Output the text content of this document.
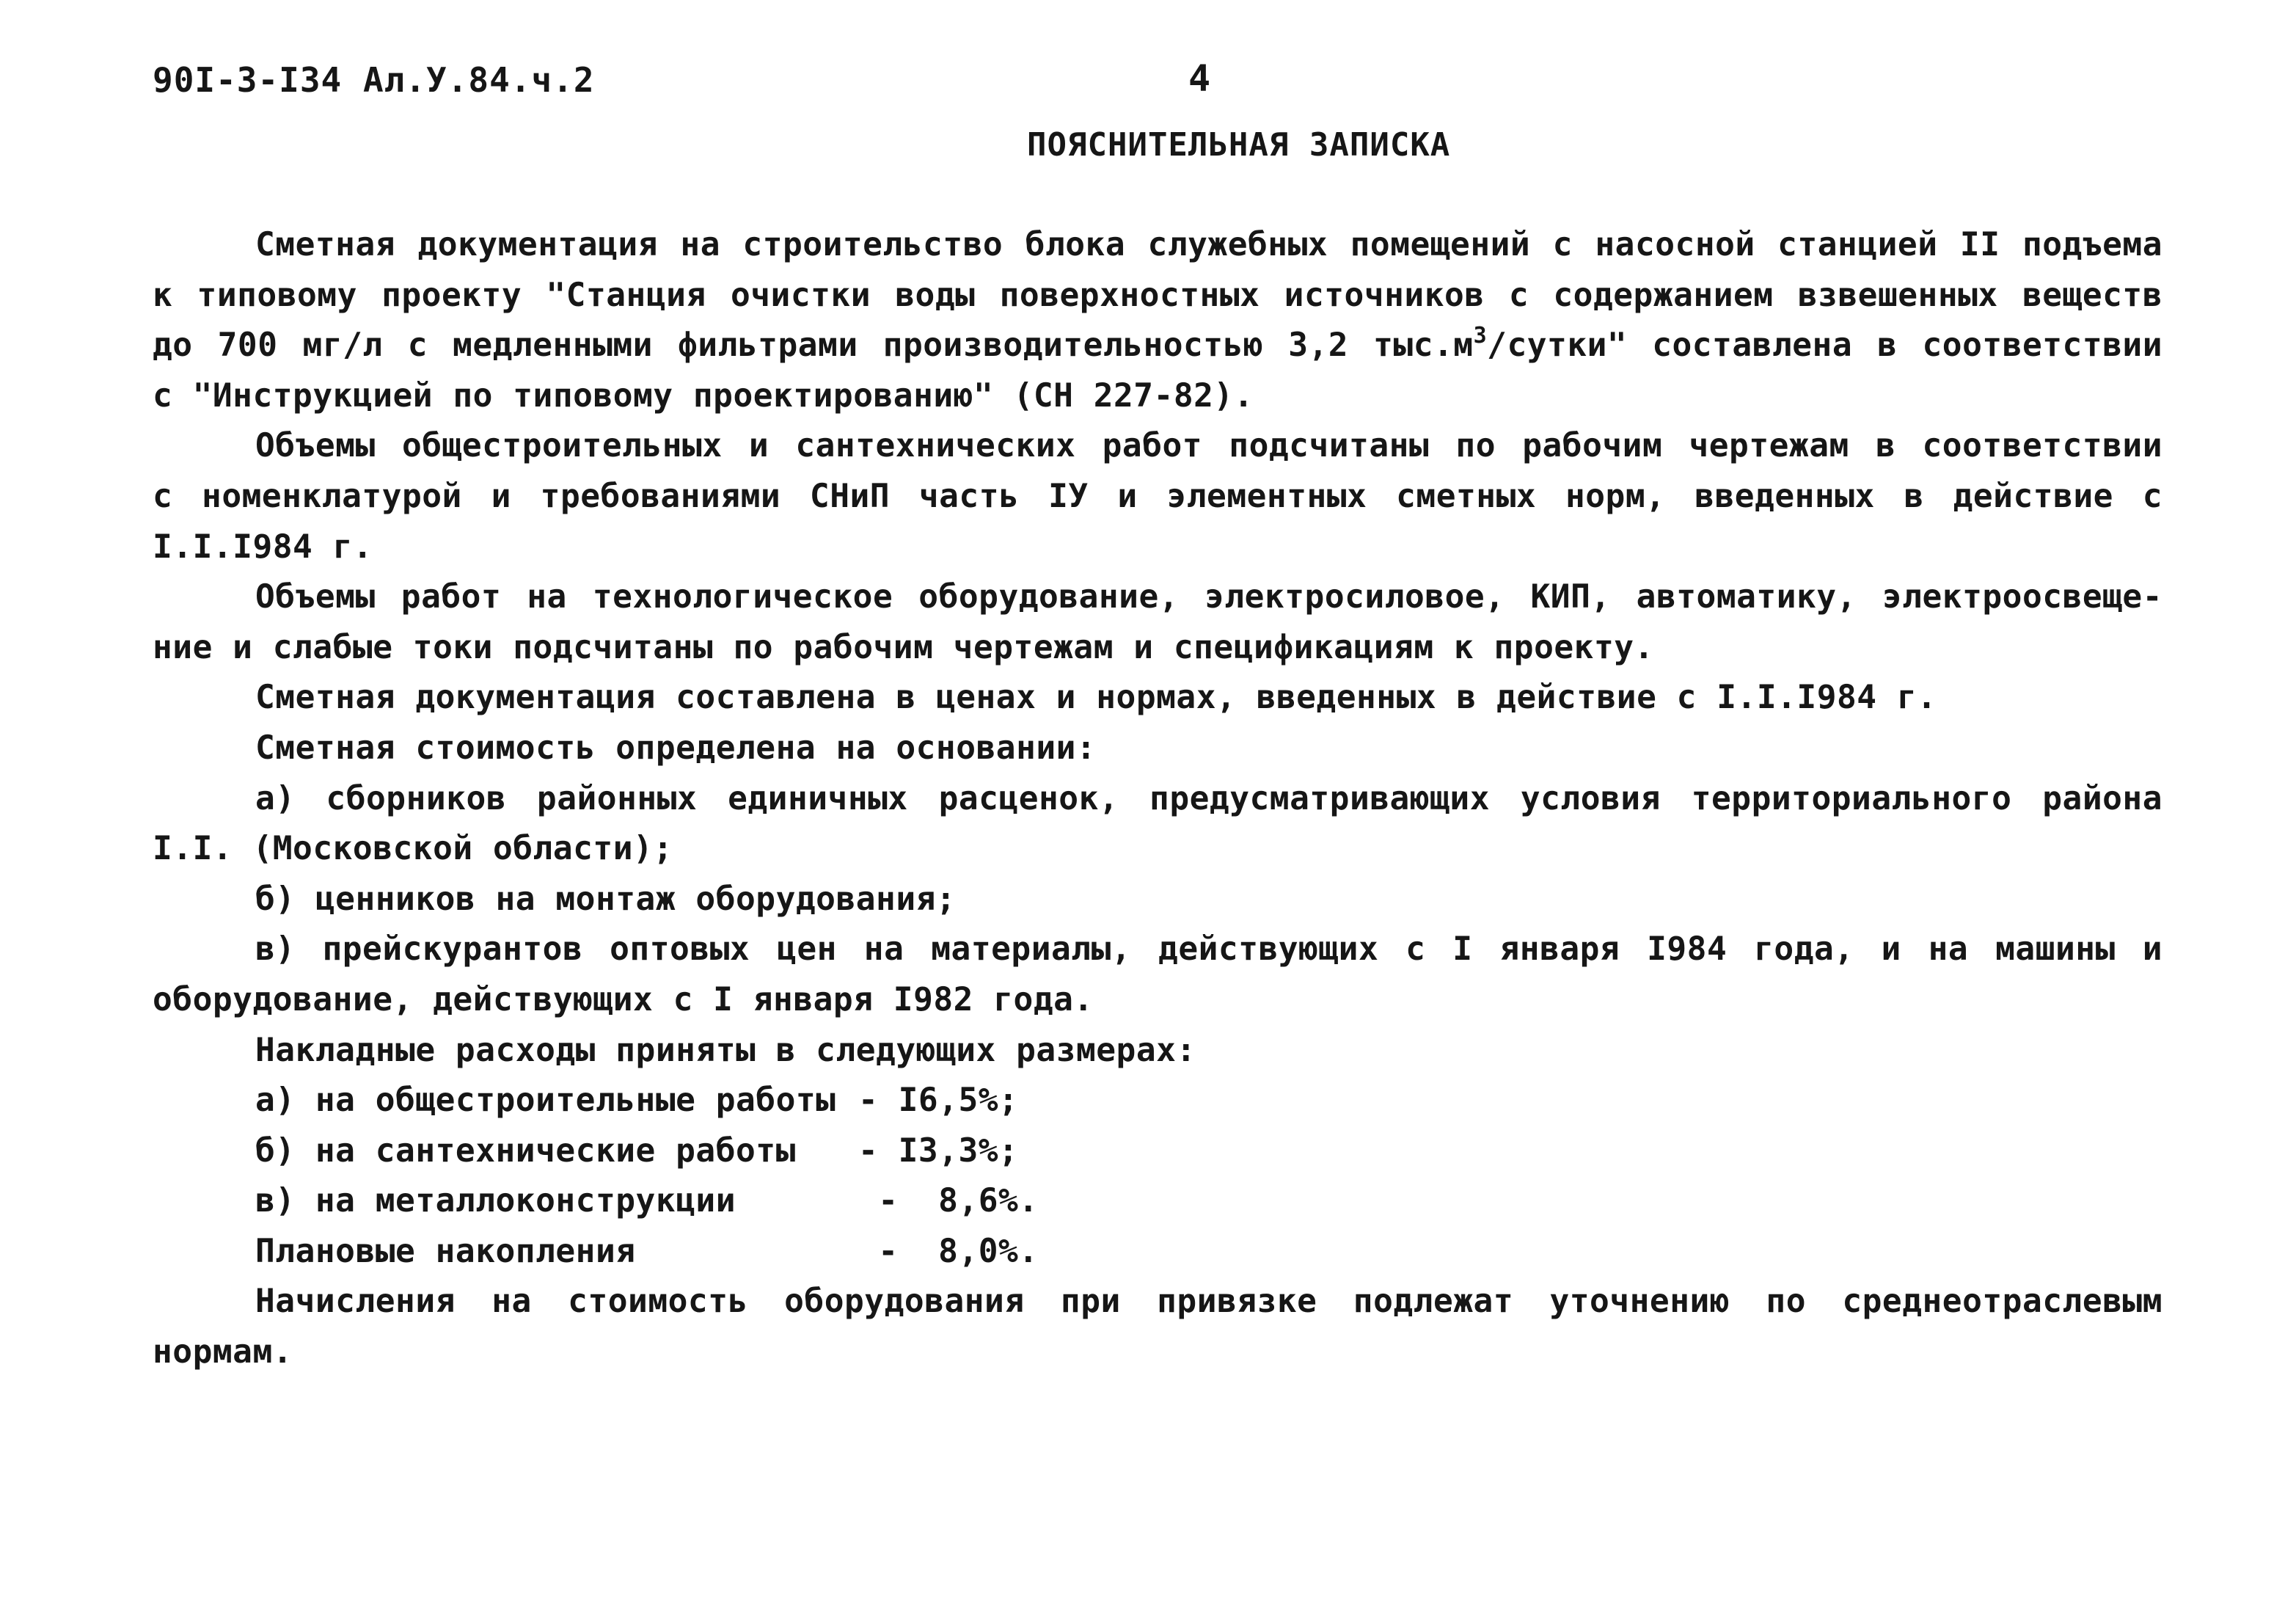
90I-3-I34 Ал.У.84.ч.2	4
ПОЯСНИТЕЛЬНАЯ ЗАПИСКА
Сметная документация на строительство блока служебных помещений с насосной станцией II подъема
к типовому проекту "Станция очистки воды поверхностных источников с содержанием взвешенных веществ
до 700 мг/л с медленными фильтрами производительностью 3,2 $тыс.м^3$/сутки" составлена в соответствии
с "Инструкцией по типовому проектированию" (СН 227-82).
Объемы общестроительных и сантехнических работ подсчитаны по рабочим чертежам в соответствии
с номенклатурой и требованиями СНиП часть IУ и элементных сметных норм, введенных в действие с
I.I.I984 г.
Объемы работ на технологическое оборудование, электросиловое, КИП, автоматику, электроосвеще-
ние и слабые токи подсчитаны по рабочим чертежам и спецификациям к проекту.
Сметная документация составлена в ценах и нормах, введенных в действие с I.I.I984 г.
Сметная стоимость определена на основании:
а) сборников районных единичных расценок, предусматривающих условия территориального района
I.I. (Московской области);
б) ценников на монтаж оборудования;
в) прейскурантов оптовых цен на материалы, действующих с I января I984 года, и на машины и
оборудование, действующих с I января I982 года.
Накладные расходы приняты в следующих размерах:
а) на общестроительные работы - I6,5%;
б) на сантехнические работы  - I3,3%;
в) на металлоконструкции      -  8,6%.
Плановые накопления           -  8,0%.
Начисления на стоимость оборудования при привязке подлежат уточнению по среднеотраслевым
нормам.
